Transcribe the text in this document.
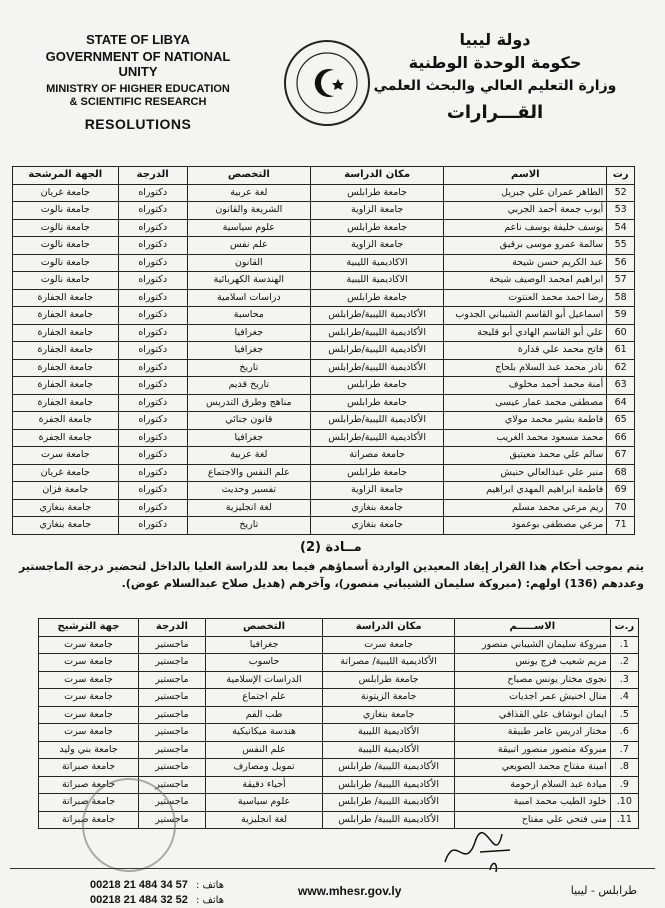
STATE OF LIBYA
GOVERNMENT OF NATIONAL UNITY
MINISTRY OF HIGHER EDUCATION
& SCIENTIFIC RESEARCH
RESOLUTIONS
دولة ليبيا
حكومة الوحدة الوطنية
وزارة التعليم العالي والبحث العلمي
القـــرارات
رت	الاسم	مكان الدراسة	التخصص	الدرجة	الجهة المرشحة
52	الطاهر عمران علي جبريل	جامعة طرابلس	لغة عربية	دكتوراه	جامعة غريان
53	أيوب جمعة أحمد الجربي	جامعة الزاوية	الشريعة والقانون	دكتوراه	جامعة نالوت
54	يوسف خليفة يوسف ناعم	جامعة طرابلس	علوم سياسية	دكتوراه	جامعة نالوت
55	سالمة عمرو موسى برقيق	جامعة الزاوية	علم نفس	دكتوراه	جامعة نالوت
56	عبد الكريم حسن شيحة	الاكاديمية الليبية	القانون	دكتوراه	جامعة نالوت
57	ابراهيم امحمد الوصيف شيحة	الاكاديمية الليبية	الهندسة الكهربائية	دكتوراه	جامعة نالوت
58	رضا احمد محمد العنتوت	جامعة طرابلس	دراسات اسلامية	دكتوراه	جامعة الجفارة
59	اسماعيل أبو القاسم الشيباني الجدوب	الأكاديمية الليبية/طرابلس	محاسبة	دكتوراه	جامعة الجفارة
60	علي أبو القاسم الهادي أبو قليجة	الأكاديمية الليبية/طرابلس	جغرافيا	دكتوراه	جامعة الجفارة
61	فاتح محمد علي قدارة	الأكاديمية الليبية/طرابلس	جغرافيا	دكتوراه	جامعة الجفارة
62	نادر محمد عبد السلام بلحاج	الأكاديمية الليبية/طرابلس	تاريخ	دكتوراه	جامعة الجفارة
63	أمنة محمد أحمد مخلوف	جامعة طرابلس	تاريخ قديم	دكتوراه	جامعة الجفارة
64	مصطفى محمد عمار عيسى	جامعة طرابلس	مناهج وطرق التدريس	دكتوراه	جامعة الجفارة
65	فاطمة بشير محمد مولاي	الأكاديمية الليبية/طرابلس	قانون جنائي	دكتوراه	جامعة الجفرة
66	محمد مسعود محمد الغريب	الأكاديمية الليبية/طرابلس	جغرافيا	دكتوراه	جامعة الجفرة
67	سالم علي محمد معيتيق	جامعة مصراتة	لغة عربية	دكتوراه	جامعة سرت
68	منير علي عبدالعالي حنيش	جامعة طرابلس	علم النفس والاجتماع	دكتوراه	جامعة غريان
69	فاطمة ابراهيم المهدي ابراهيم	جامعة الزاوية	تفسير وحديث	دكتوراه	جامعة فزان
70	ريم مرعي محمد مسلم	جامعة بنغازي	لغة انجليزية	دكتوراه	جامعة بنغازي
71	مرعي مصطفى بوعمود	جامعة بنغازي	تاريخ	دكتوراه	جامعة بنغازي
مــادة (2)
يتم بموجب أحكام هذا القرار إيفاد المعيدين الواردة أسماؤهم فيما بعد للدراسة العليا بالداخل لتحضير درجة الماجستير وعددهم (136) اولهم: (مبروكة سليمان الشيباني منصور)، وآخرهم (هديل صلاح عبدالسلام عوض).
ر.ت	الاســـــم	مكان الدراسة	التخصص	الدرجة	جهة الترشيح
1.	مبروكة سليمان الشيباني منصور	جامعة سرت	جغرافيا	ماجستير	جامعة سرت
2.	مريم شعيب فرج يونس	الأكاديمية الليبية/ مصراتة	حاسوب	ماجستير	جامعة سرت
3.	نجوى مختار يونس مصباح	جامعة طرابلس	الدراسات الإسلامية	ماجستير	جامعة سرت
4.	منال اخنيش عمر اجديات	جامعة الزيتونة	علم اجتماع	ماجستير	جامعة سرت
5.	ايمان ابوشاف علي القذافي	جامعة بنغازي	طب الفم	ماجستير	جامعة سرت
6.	مختار ادريس عامر طبيقة	الأكاديمية الليبية	هندسة ميكانيكية	ماجستير	جامعة سرت
7.	مبروكة منصور منصور اتبيقة	الأكاديمية الليبية	علم النفس	ماجستير	جامعة بني وليد
8.	امينة مفتاح محمد الصويعي	الأكاديمية الليبية/ طرابلس	تمويل ومصارف	ماجستير	جامعة صبراتة
9.	ميادة عبد السلام ارحومة	الأكاديمية الليبية/ طرابلس	أحياء دقيقة	ماجستير	جامعة صبراتة
10.	خلود الطيب محمد امبية	الأكاديمية الليبية/ طرابلس	علوم سياسية	ماجستير	جامعة صبراتة
11.	منى فتحي علي مفتاح	الأكاديمية الليبية/ طرابلس	لغة انجليزية	ماجستير	جامعة صبراتة
00218 21 484 34 57
00218 21 484 32 52
هاتف :
هاتف :
www.mhesr.gov.ly	طرابلس - ليبيا
